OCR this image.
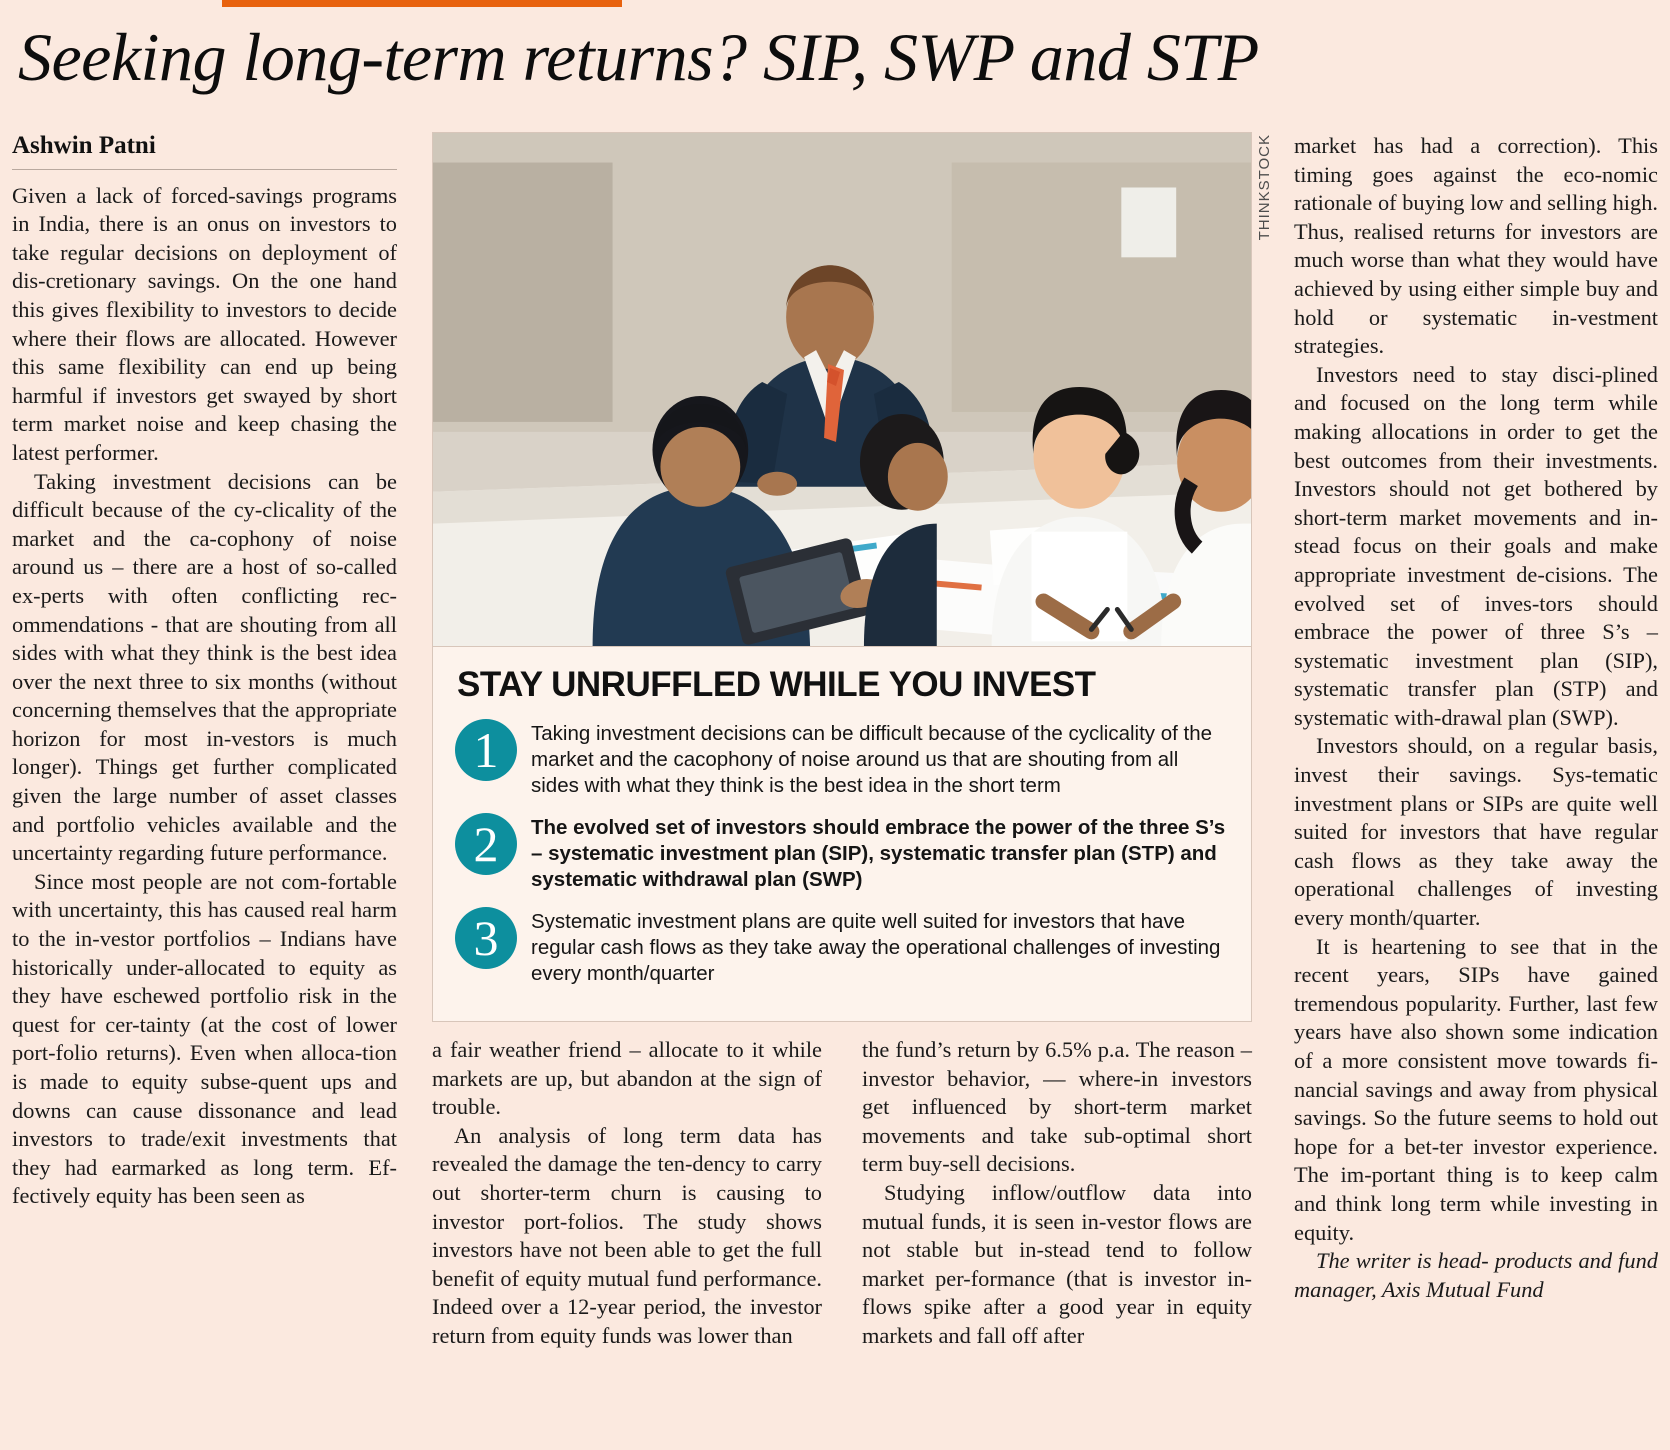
Seeking long-term returns? SIP, SWP and STP
Ashwin Patni

Given a lack of forced-savings programs in India, there is an onus on investors to take regular decisions on deployment of dis-cretionary savings. On the one hand this gives flexibility to investors to decide where their flows are allocated. However this same flexibility can end up being harmful if investors get swayed by short term market noise and keep chasing the latest performer.

Taking investment decisions can be difficult because of the cy-clicality of the market and the ca-cophony of noise around us – there are a host of so-called ex-perts with often conflicting rec-ommendations - that are shouting from all sides with what they think is the best idea over the next three to six months (without concerning themselves that the appropriate horizon for most in-vestors is much longer). Things get further complicated given the large number of asset classes and portfolio vehicles available and the uncertainty regarding future performance.

Since most people are not com-fortable with uncertainty, this has caused real harm to the in-vestor portfolios – Indians have historically under-allocated to equity as they have eschewed portfolio risk in the quest for cer-tainty (at the cost of lower port-folio returns). Even when alloca-tion is made to equity subse-quent ups and downs can cause dissonance and lead investors to trade/exit investments that they had earmarked as long term. Ef-fectively equity has been seen as

STAY UNRUFFLED WHILE YOU INVEST
1	Taking investment decisions can be difficult because of the cyclicality of the market and the cacophony of noise around us that are shouting from all sides with what they think is the best idea in the short term
2	The evolved set of investors should embrace the power of the three S’s – systematic investment plan (SIP), systematic transfer plan (STP) and systematic withdrawal plan (SWP)
3	Systematic investment plans are quite well suited for investors that have regular cash flows as they take away the operational challenges of investing every month/quarter

a fair weather friend – allocate to it while markets are up, but abandon at the sign of trouble.

An analysis of long term data has revealed the damage the ten-dency to carry out shorter-term churn is causing to investor port-folios. The study shows investors have not been able to get the full benefit of equity mutual fund performance. Indeed over a 12-year period, the investor return from equity funds was lower than

the fund’s return by 6.5% p.a. The reason – investor behavior, — where-in investors get influenced by short-term market movements and take sub-optimal short term buy-sell decisions.

Studying inflow/outflow data into mutual funds, it is seen in-vestor flows are not stable but in-stead tend to follow market per-formance (that is investor in-flows spike after a good year in equity markets and fall off after

THINKSTOCK market has had a correction). This timing goes against the eco-nomic rationale of buying low and selling high. Thus, realised returns for investors are much worse than what they would have achieved by using either simple buy and hold or systematic in-vestment strategies.

Investors need to stay disci-plined and focused on the long term while making allocations in order to get the best outcomes from their investments. Investors should not get bothered by short-term market movements and in-stead focus on their goals and make appropriate investment de-cisions. The evolved set of inves-tors should embrace the power of three S’s – systematic investment plan (SIP), systematic transfer plan (STP) and systematic with-drawal plan (SWP).

Investors should, on a regular basis, invest their savings. Sys-tematic investment plans or SIPs are quite well suited for investors that have regular cash flows as they take away the operational challenges of investing every month/quarter.

It is heartening to see that in the recent years, SIPs have gained tremendous popularity. Further, last few years have also shown some indication of a more consistent move towards fi-nancial savings and away from physical savings. So the future seems to hold out hope for a bet-ter investor experience. The im-portant thing is to keep calm and think long term while investing in equity.

The writer is head- products and fund manager, Axis Mutual Fund
